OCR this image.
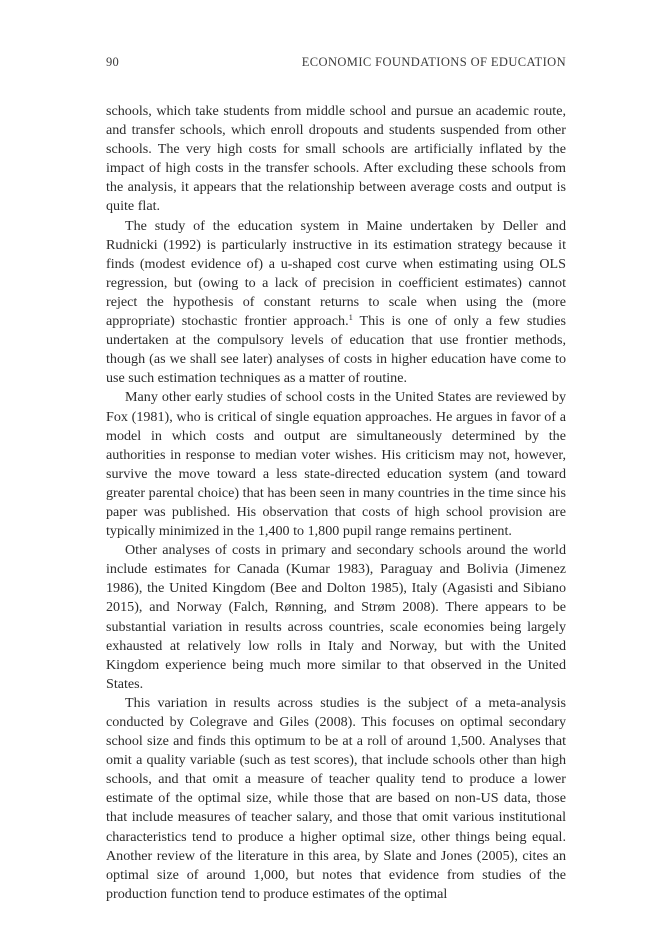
90	ECONOMIC FOUNDATIONS OF EDUCATION

schools, which take students from middle school and pursue an academic route, and transfer schools, which enroll dropouts and students suspended from other schools. The very high costs for small schools are artificially inflated by the impact of high costs in the transfer schools. After excluding these schools from the analysis, it appears that the relationship between average costs and output is quite flat.

The study of the education system in Maine undertaken by Deller and Rudnicki (1992) is particularly instructive in its estimation strategy because it finds (modest evidence of) a u-shaped cost curve when estimating using OLS regression, but (owing to a lack of precision in coefficient estimates) cannot reject the hypothesis of constant returns to scale when using the (more appropriate) stochastic frontier approach.$^1$ This is one of only a few studies undertaken at the compulsory levels of education that use frontier methods, though (as we shall see later) analyses of costs in higher education have come to use such estimation techniques as a matter of routine.

Many other early studies of school costs in the United States are reviewed by Fox (1981), who is critical of single equation approaches. He argues in favor of a model in which costs and output are simultaneously determined by the authorities in response to median voter wishes. His criticism may not, however, survive the move toward a less state-directed education system (and toward greater parental choice) that has been seen in many countries in the time since his paper was published. His observation that costs of high school provision are typically minimized in the 1,400 to 1,800 pupil range remains pertinent.

Other analyses of costs in primary and secondary schools around the world include estimates for Canada (Kumar 1983), Paraguay and Bolivia (Jimenez 1986), the United Kingdom (Bee and Dolton 1985), Italy (Agasisti and Sibiano 2015), and Norway (Falch, Rønning, and Strøm 2008). There appears to be substantial variation in results across countries, scale economies being largely exhausted at relatively low rolls in Italy and Norway, but with the United Kingdom experience being much more similar to that observed in the United States.

This variation in results across studies is the subject of a meta-analysis conducted by Colegrave and Giles (2008). This focuses on optimal secondary school size and finds this optimum to be at a roll of around 1,500. Analyses that omit a quality variable (such as test scores), that include schools other than high schools, and that omit a measure of teacher quality tend to produce a lower estimate of the optimal size, while those that are based on non-US data, those that include measures of teacher salary, and those that omit various institutional characteristics tend to produce a higher optimal size, other things being equal. Another review of the literature in this area, by Slate and Jones (2005), cites an optimal size of around 1,000, but notes that evidence from studies of the production function tend to produce estimates of the optimal
